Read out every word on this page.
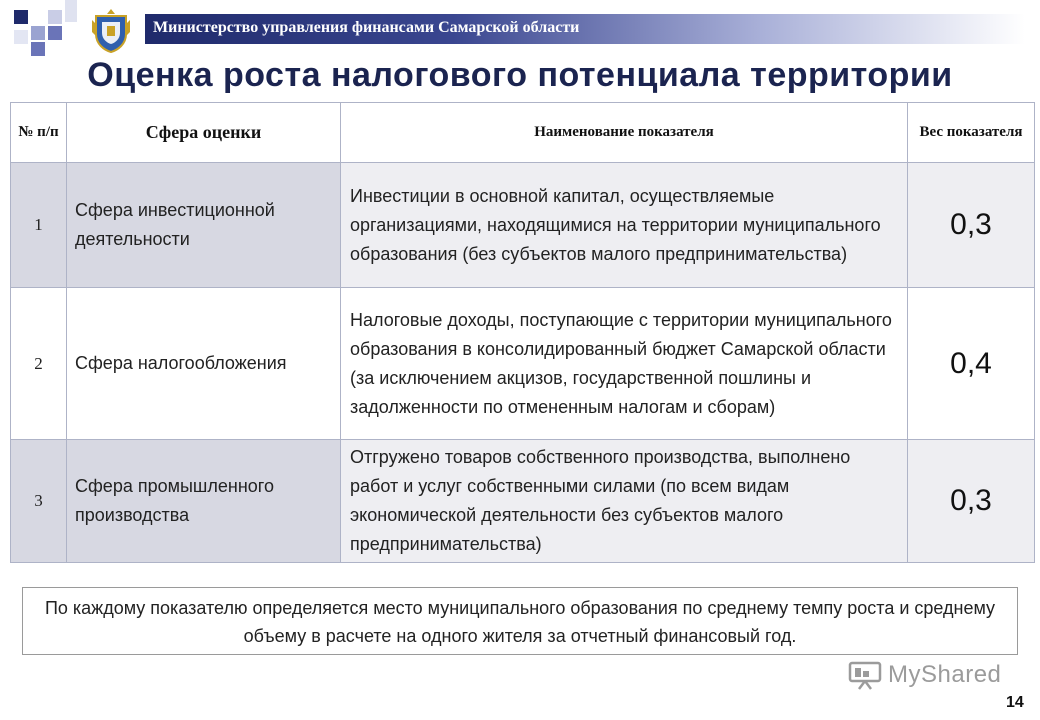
Министерство управления финансами Самарской области
Оценка роста налогового потенциала территории
№ п/п	Сфера оценки	Наименование показателя	Вес показателя
1	Сфера инвестиционной деятельности	Инвестиции в основной капитал, осуществляемые организациями, находящимися на территории муниципального образования (без субъектов малого предпринимательства)	0,3
2	Сфера налогообложения	Налоговые доходы, поступающие с территории муниципального образования в консолидированный бюджет Самарской области (за исключением акцизов, государственной пошлины и задолженности по отмененным налогам и сборам)	0,4
3	Сфера промышленного производства	Отгружено товаров собственного производства, выполнено работ и услуг собственными силами (по всем видам экономической деятельности без субъектов малого предпринимательства)	0,3
По каждому показателю определяется место муниципального образования по среднему темпу роста и среднему объему в расчете на одного жителя за отчетный финансовый год.
MyShared
14
